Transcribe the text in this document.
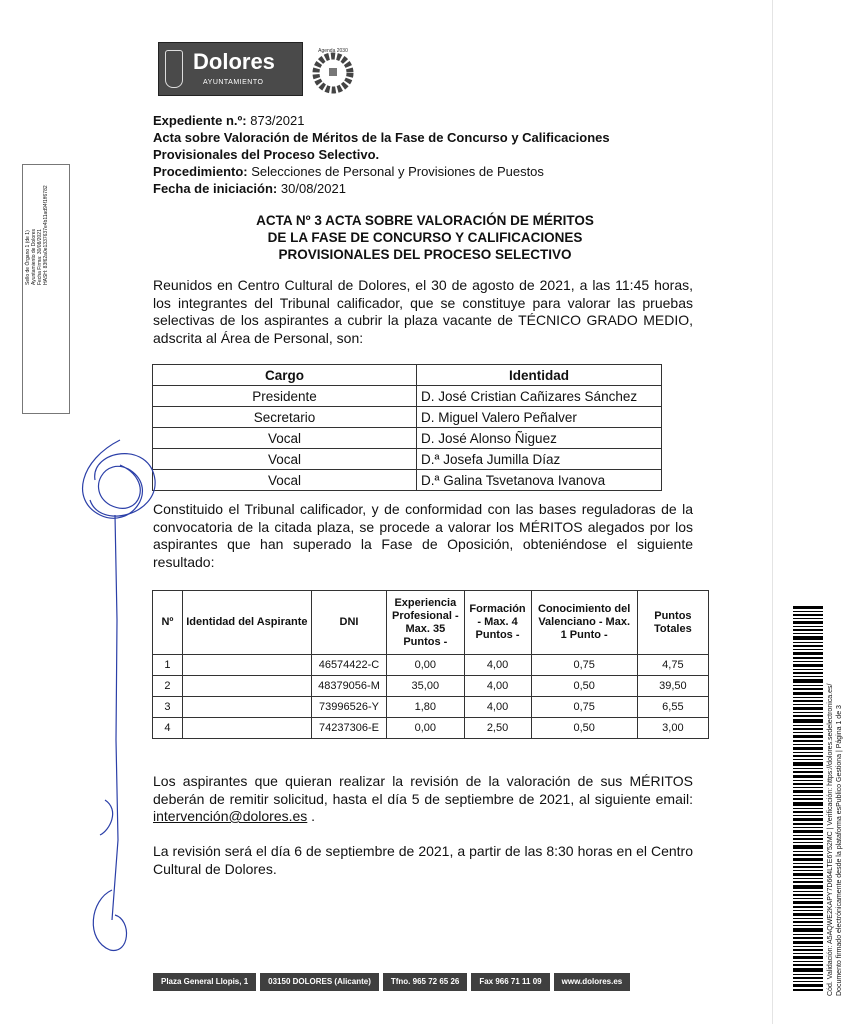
Dolores
AYUNTAMIENTO
Agenda 2030
Expediente n.º: 873/2021
Acta sobre Valoración de Méritos de la Fase de Concurso y Calificaciones
Provisionales del Proceso Selectivo.
Procedimiento: Selecciones de Personal y Provisiones de Puestos
Fecha de iniciación: 30/08/2021
ACTA Nº 3 ACTA SOBRE VALORACIÓN DE MÉRITOS
DE LA FASE DE CONCURSO Y CALIFICACIONES
PROVISIONALES DEL PROCESO SELECTIVO
Reunidos en Centro Cultural de Dolores, el 30 de agosto de 2021, a las 11:45 horas, los integrantes del Tribunal calificador, que se constituye para valorar las pruebas selectivas de los aspirantes a cubrir la plaza vacante de TÉCNICO GRADO MEDIO, adscrita al Área de Personal, son:
Cargo	Identidad
Presidente	D. José Cristian Cañizares Sánchez
Secretario	D. Miguel Valero Peñalver
Vocal	D. José Alonso Ñiguez
Vocal	D.ª Josefa Jumilla Díaz
Vocal	D.ª Galina Tsvetanova Ivanova
Constituido el Tribunal calificador, y de conformidad con las bases reguladoras de la convocatoria de la citada plaza, se procede a valorar los MÉRITOS alegados por los aspirantes que han superado la Fase de Oposición, obteniéndose el siguiente resultado:
Nº	Identidad del Aspirante	DNI	Experiencia Profesional - Max. 35 Puntos -	Formación - Max. 4 Puntos -	Conocimiento del Valenciano - Max. 1 Punto -	Puntos Totales
1		46574422-C	0,00	4,00	0,75	4,75
2		48379056-M	35,00	4,00	0,50	39,50
3		73996526-Y	1,80	4,00	0,75	6,55
4		74237306-E	0,00	2,50	0,50	3,00
Los aspirantes que quieran realizar la revisión de la valoración de sus MÉRITOS deberán de remitir solicitud, hasta el día 5 de septiembre de 2021, al siguiente email: intervención@dolores.es .
La revisión será el día 6 de septiembre de 2021, a partir de las 8:30 horas en el Centro Cultural de Dolores.
Plaza General Llopis, 1	03150 DOLORES (Alicante)	Tfno. 965 72 65 26	Fax 966 71 11 09	www.dolores.es
Sello de Órgano 1 (de 1) Ayuntamiento de Dolores Fecha Firma: 30/08/2021 HASH: 83f62a0e1337637e4b11ad94f1ff6782
Cód. Validación: A5AQWE2KAPY7D664LTE6Y52MC | Verificación: https://dolores.sedelectronica.es/ Documento firmado electrónicamente desde la plataforma esPublico Gestiona | Página 1 de 3
